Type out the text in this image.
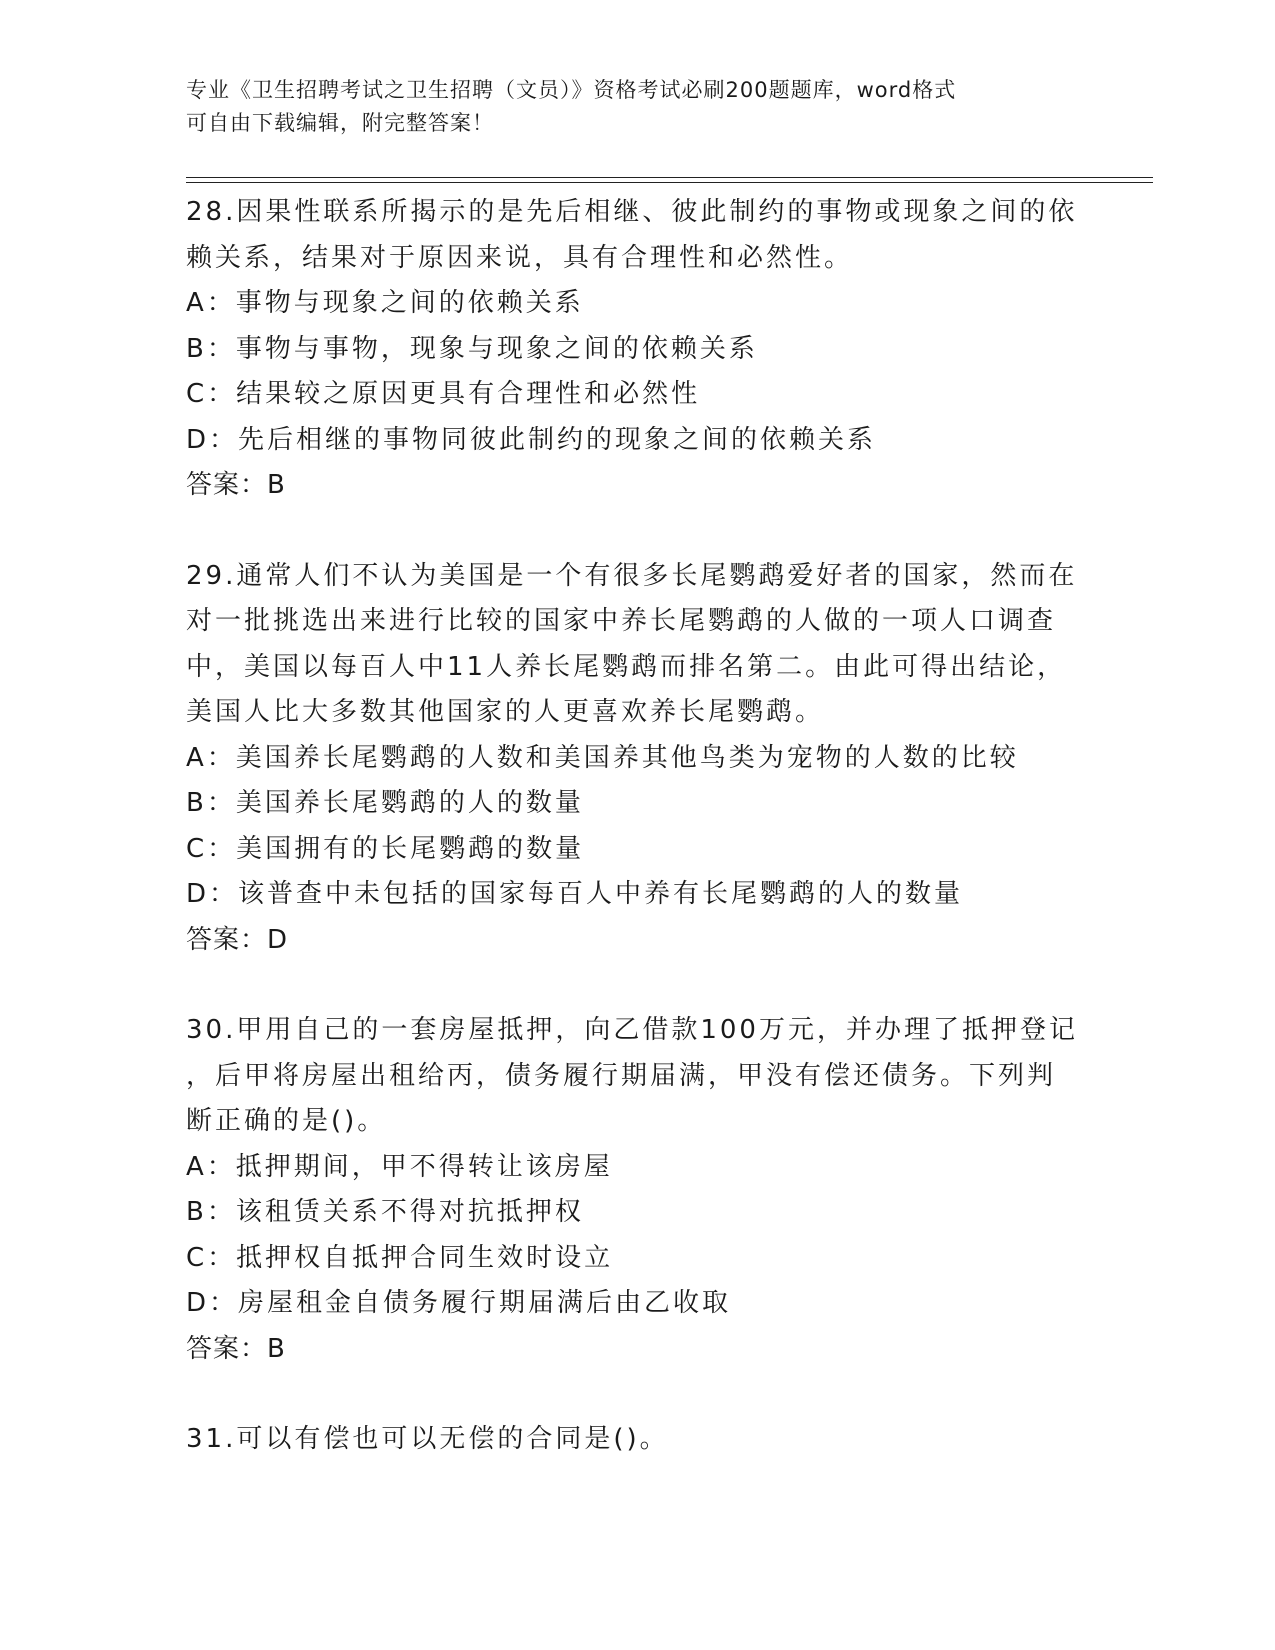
专业《卫生招聘考试之卫生招聘（文员）》资格考试必刷200题题库，word格式
可自由下载编辑，附完整答案！
28.因果性联系所揭示的是先后相继、彼此制约的事物或现象之间的依
赖关系，结果对于原因来说，具有合理性和必然性。
A：事物与现象之间的依赖关系
B：事物与事物，现象与现象之间的依赖关系
C：结果较之原因更具有合理性和必然性
D：先后相继的事物同彼此制约的现象之间的依赖关系
答案：B
29.通常人们不认为美国是一个有很多长尾鹦鹉爱好者的国家，然而在
对一批挑选出来进行比较的国家中养长尾鹦鹉的人做的一项人口调查
中，美国以每百人中11人养长尾鹦鹉而排名第二。由此可得出结论，
美国人比大多数其他国家的人更喜欢养长尾鹦鹉。
A：美国养长尾鹦鹉的人数和美国养其他鸟类为宠物的人数的比较
B：美国养长尾鹦鹉的人的数量
C：美国拥有的长尾鹦鹉的数量
D：该普查中未包括的国家每百人中养有长尾鹦鹉的人的数量
答案：D
30.甲用自己的一套房屋抵押，向乙借款100万元，并办理了抵押登记
，后甲将房屋出租给丙，债务履行期届满，甲没有偿还债务。下列判
断正确的是()。
A：抵押期间，甲不得转让该房屋
B：该租赁关系不得对抗抵押权
C：抵押权自抵押合同生效时设立
D：房屋租金自债务履行期届满后由乙收取
答案：B
31.可以有偿也可以无偿的合同是()。
